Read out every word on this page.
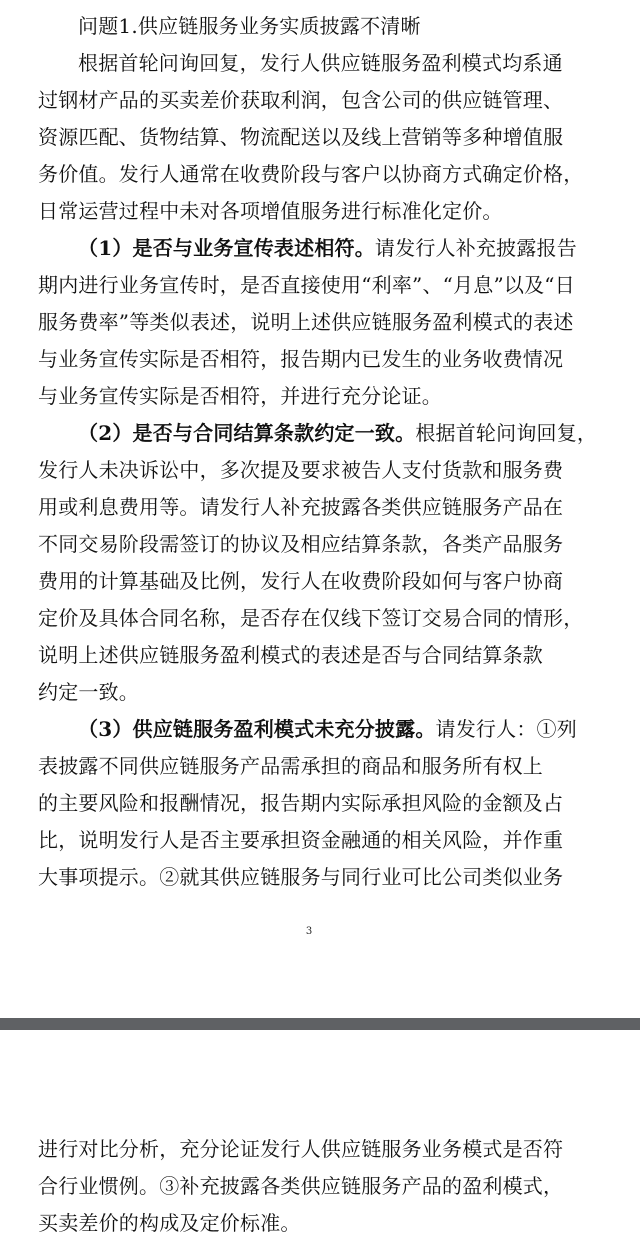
问题1.供应链服务业务实质披露不清晰
根据首轮问询回复，发行人供应链服务盈利模式均系通
过钢材产品的买卖差价获取利润，包含公司的供应链管理、
资源匹配、货物结算、物流配送以及线上营销等多种增值服
务价值。发行人通常在收费阶段与客户以协商方式确定价格，
日常运营过程中未对各项增值服务进行标准化定价。
（1）是否与业务宣传表述相符。请发行人补充披露报告
期内进行业务宣传时，是否直接使用“利率”、“月息”以及“日
服务费率”等类似表述，说明上述供应链服务盈利模式的表述
与业务宣传实际是否相符，报告期内已发生的业务收费情况
与业务宣传实际是否相符，并进行充分论证。
（2）是否与合同结算条款约定一致。根据首轮问询回复，
发行人未决诉讼中，多次提及要求被告人支付货款和服务费
用或利息费用等。请发行人补充披露各类供应链服务产品在
不同交易阶段需签订的协议及相应结算条款，各类产品服务
费用的计算基础及比例，发行人在收费阶段如何与客户协商
定价及具体合同名称，是否存在仅线下签订交易合同的情形，
说明上述供应链服务盈利模式的表述是否与合同结算条款
约定一致。
（3）供应链服务盈利模式未充分披露。请发行人：①列
表披露不同供应链服务产品需承担的商品和服务所有权上
的主要风险和报酬情况，报告期内实际承担风险的金额及占
比，说明发行人是否主要承担资金融通的相关风险，并作重
大事项提示。②就其供应链服务与同行业可比公司类似业务
3
进行对比分析，充分论证发行人供应链服务业务模式是否符
合行业惯例。③补充披露各类供应链服务产品的盈利模式，
买卖差价的构成及定价标准。
